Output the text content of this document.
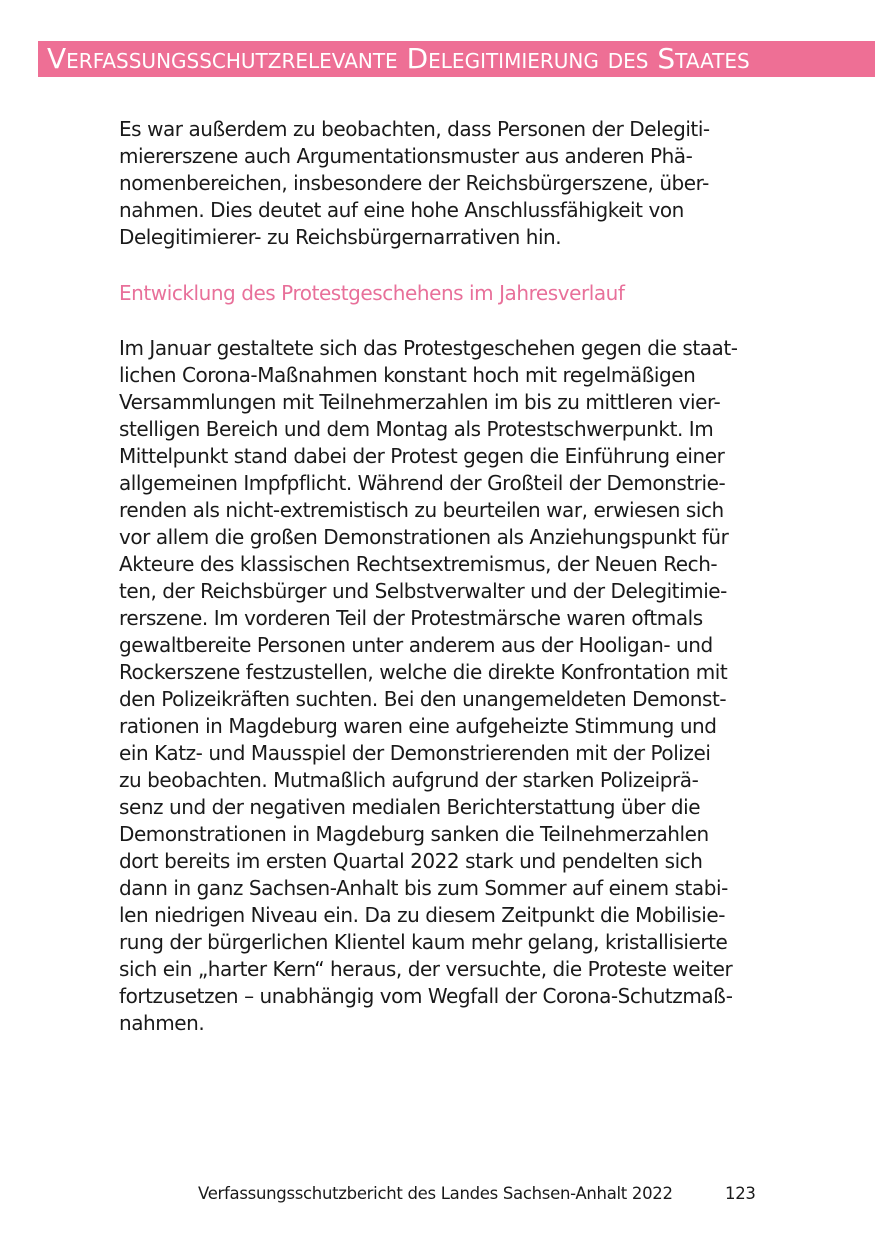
Verfassungsschutzrelevante Delegitimierung des Staates

Es war außerdem zu beobachten, dass Personen der Delegiti-
miererszene auch Argumentationsmuster aus anderen Phä-
nomenbereichen, insbesondere der Reichsbürgerszene, über-
nahmen. Dies deutet auf eine hohe Anschlussfähigkeit von
Delegitimierer- zu Reichsbürgernarrativen hin.

Entwicklung des Protestgeschehens im Jahresverlauf

Im Januar gestaltete sich das Protestgeschehen gegen die staat-
lichen Corona-Maßnahmen konstant hoch mit regelmäßigen
Versammlungen mit Teilnehmerzahlen im bis zu mittleren vier-
stelligen Bereich und dem Montag als Protestschwerpunkt. Im
Mittelpunkt stand dabei der Protest gegen die Einführung einer
allgemeinen Impfpflicht. Während der Großteil der Demonstrie-
renden als nicht-extremistisch zu beurteilen war, erwiesen sich
vor allem die großen Demonstrationen als Anziehungspunkt für
Akteure des klassischen Rechtsextremismus, der Neuen Rech-
ten, der Reichsbürger und Selbstverwalter und der Delegitimie-
rerszene. Im vorderen Teil der Protestmärsche waren oftmals
gewaltbereite Personen unter anderem aus der Hooligan- und
Rockerszene festzustellen, welche die direkte Konfrontation mit
den Polizeikräften suchten. Bei den unangemeldeten Demonst-
rationen in Magdeburg waren eine aufgeheizte Stimmung und
ein Katz- und Mausspiel der Demonstrierenden mit der Polizei
zu beobachten. Mutmaßlich aufgrund der starken Polizeiprä-
senz und der negativen medialen Berichterstattung über die
Demonstrationen in Magdeburg sanken die Teilnehmerzahlen
dort bereits im ersten Quartal 2022 stark und pendelten sich
dann in ganz Sachsen-Anhalt bis zum Sommer auf einem stabi-
len niedrigen Niveau ein. Da zu diesem Zeitpunkt die Mobilisie-
rung der bürgerlichen Klientel kaum mehr gelang, kristallisierte
sich ein „harter Kern“ heraus, der versuchte, die Proteste weiter
fortzusetzen – unabhängig vom Wegfall der Corona-Schutzmaß-
nahmen.

Verfassungsschutzbericht des Landes Sachsen-Anhalt 2022	123
